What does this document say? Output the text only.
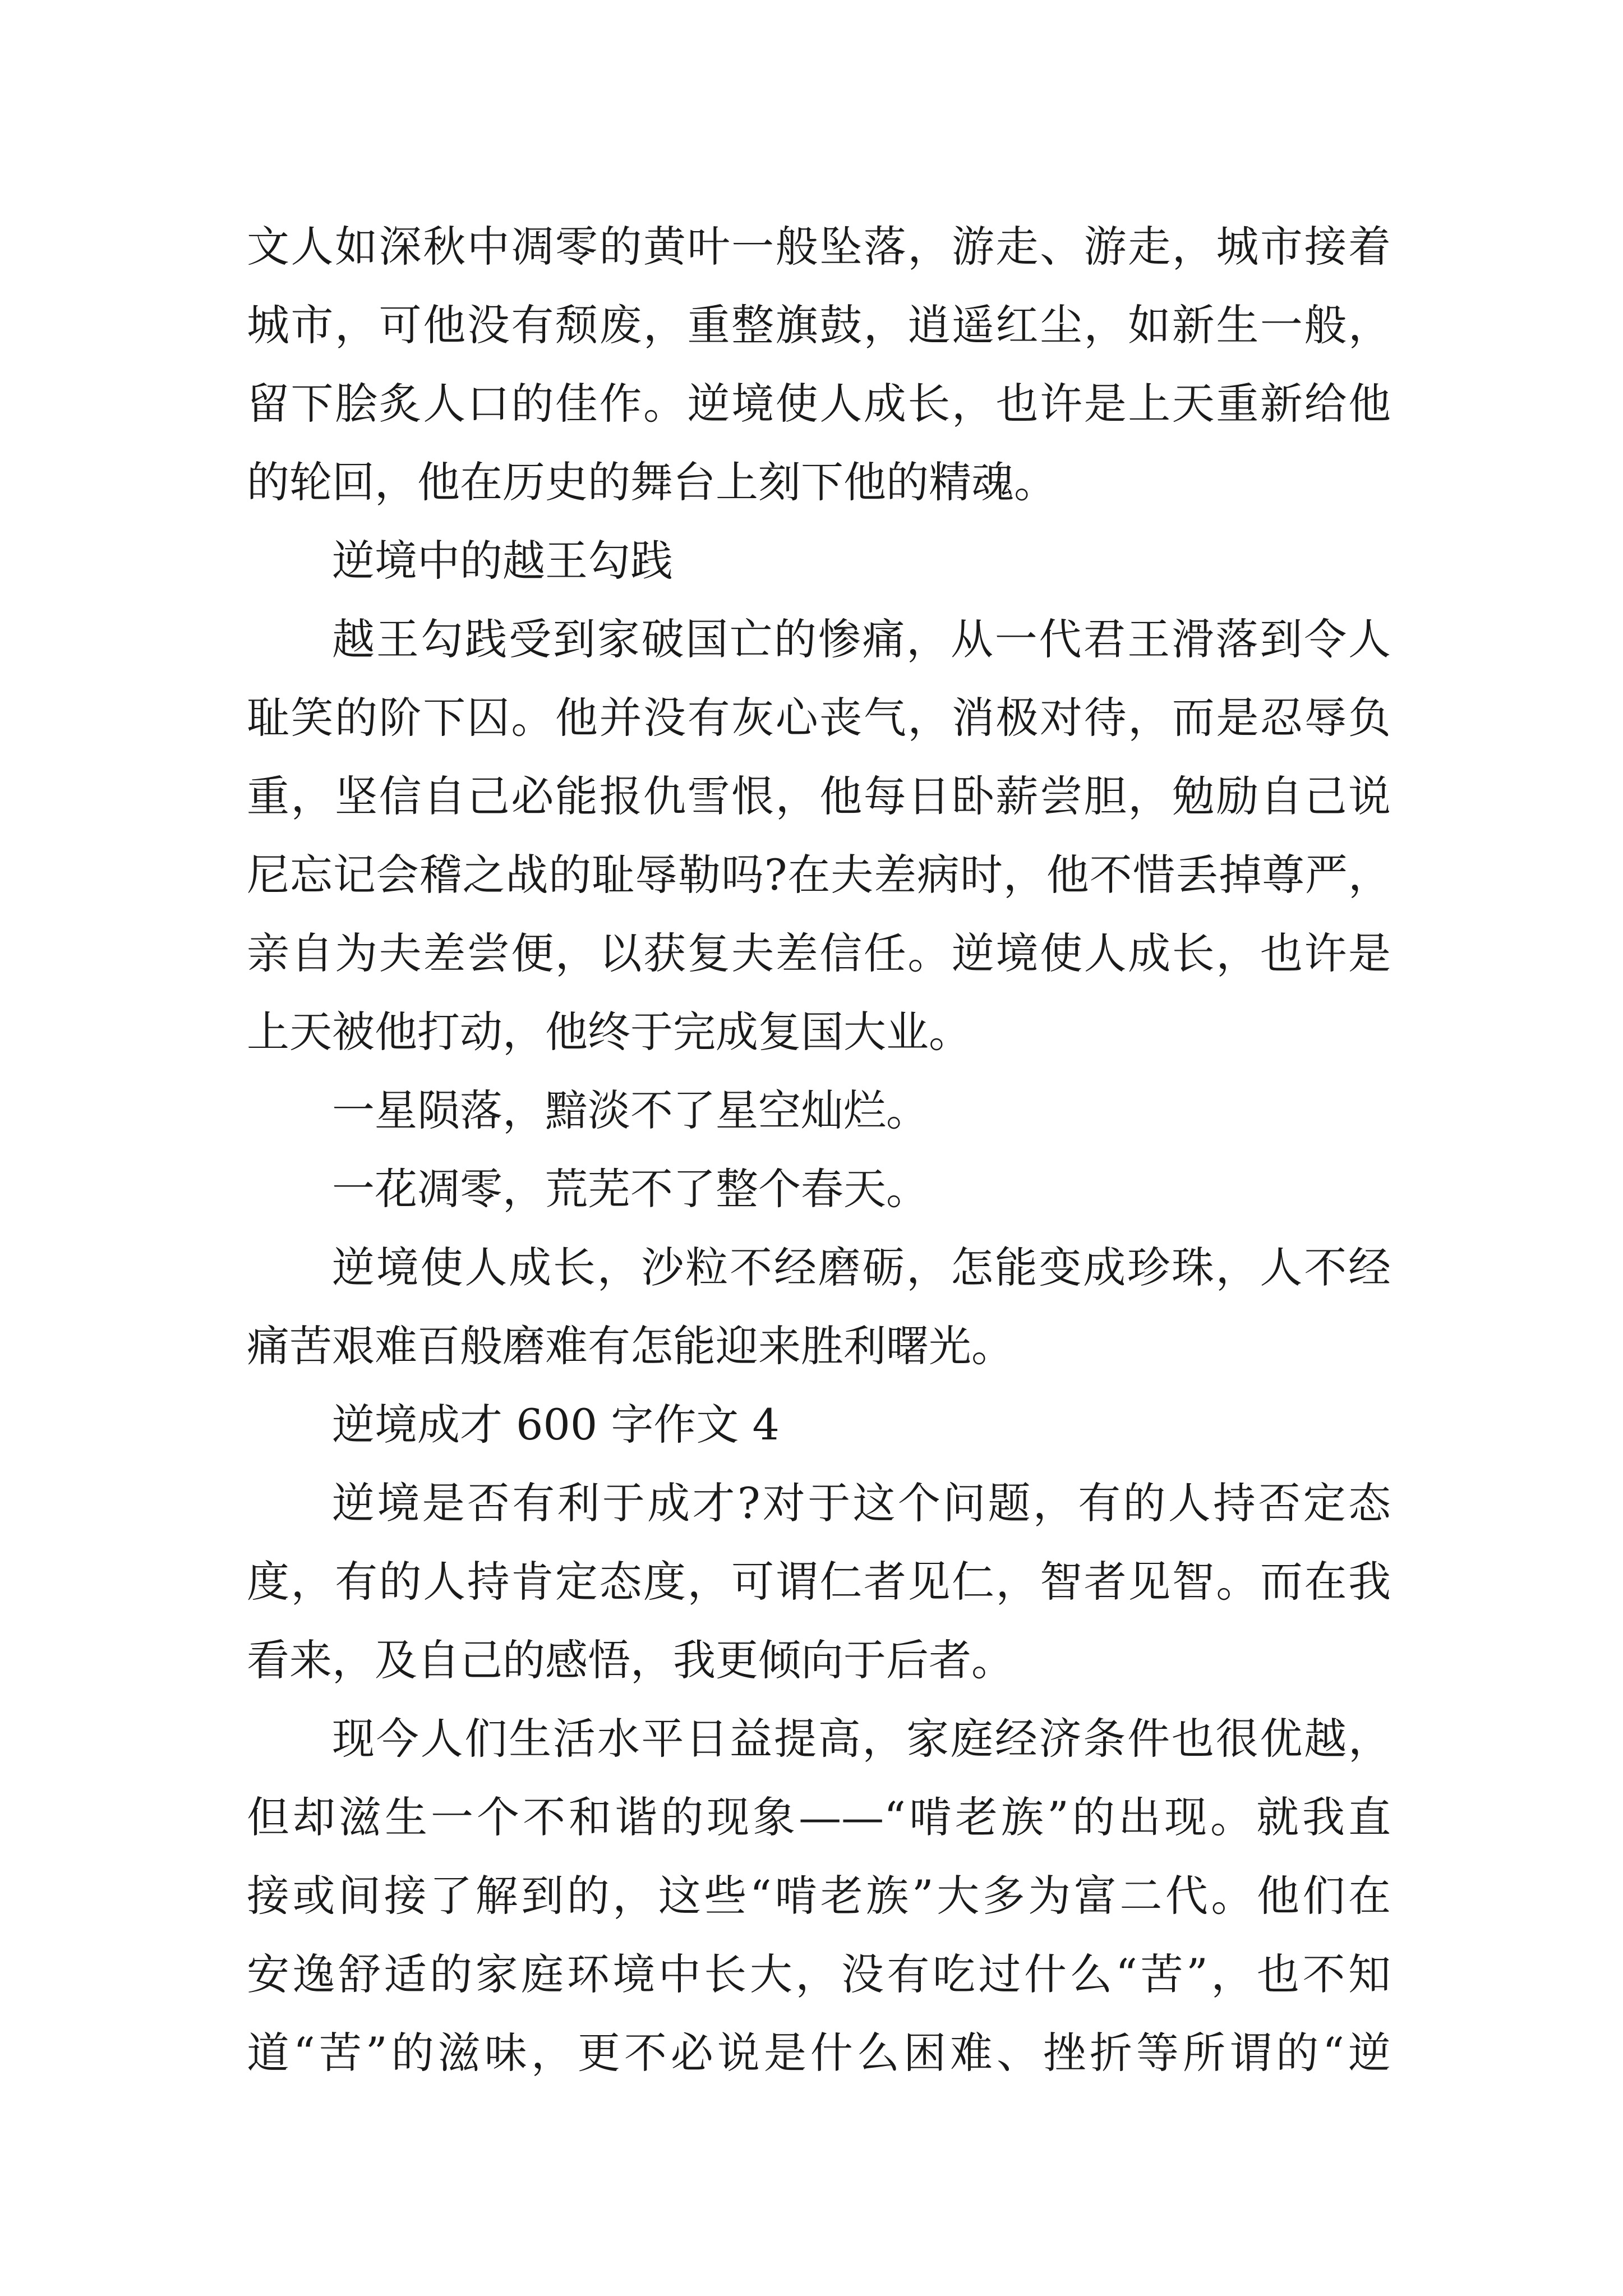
文人如深秋中凋零的黄叶一般坠落，游走、游走，城市接着
城市，可他没有颓废，重整旗鼓，逍遥红尘，如新生一般，
留下脍炙人口的佳作。逆境使人成长，也许是上天重新给他
的轮回，他在历史的舞台上刻下他的精魂。
逆境中的越王勾践
越王勾践受到家破国亡的惨痛，从一代君王滑落到令人
耻笑的阶下囚。他并没有灰心丧气，消极对待，而是忍辱负
重，坚信自己必能报仇雪恨，他每日卧薪尝胆，勉励自己说
尼忘记会稽之战的耻辱勒吗?在夫差病时，他不惜丢掉尊严，
亲自为夫差尝便，以获复夫差信任。逆境使人成长，也许是
上天被他打动，他终于完成复国大业。
一星陨落，黯淡不了星空灿烂。
一花凋零，荒芜不了整个春天。
逆境使人成长，沙粒不经磨砺，怎能变成珍珠，人不经
痛苦艰难百般磨难有怎能迎来胜利曙光。
逆境成才 600 字作文 4
逆境是否有利于成才?对于这个问题，有的人持否定态
度，有的人持肯定态度，可谓仁者见仁，智者见智。而在我
看来，及自己的感悟，我更倾向于后者。
现今人们生活水平日益提高，家庭经济条件也很优越，
但却滋生一个不和谐的现象——“啃老族”的出现。就我直
接或间接了解到的，这些“啃老族”大多为富二代。他们在
安逸舒适的家庭环境中长大，没有吃过什么“苦”，也不知
道“苦”的滋味，更不必说是什么困难、挫折等所谓的“逆
